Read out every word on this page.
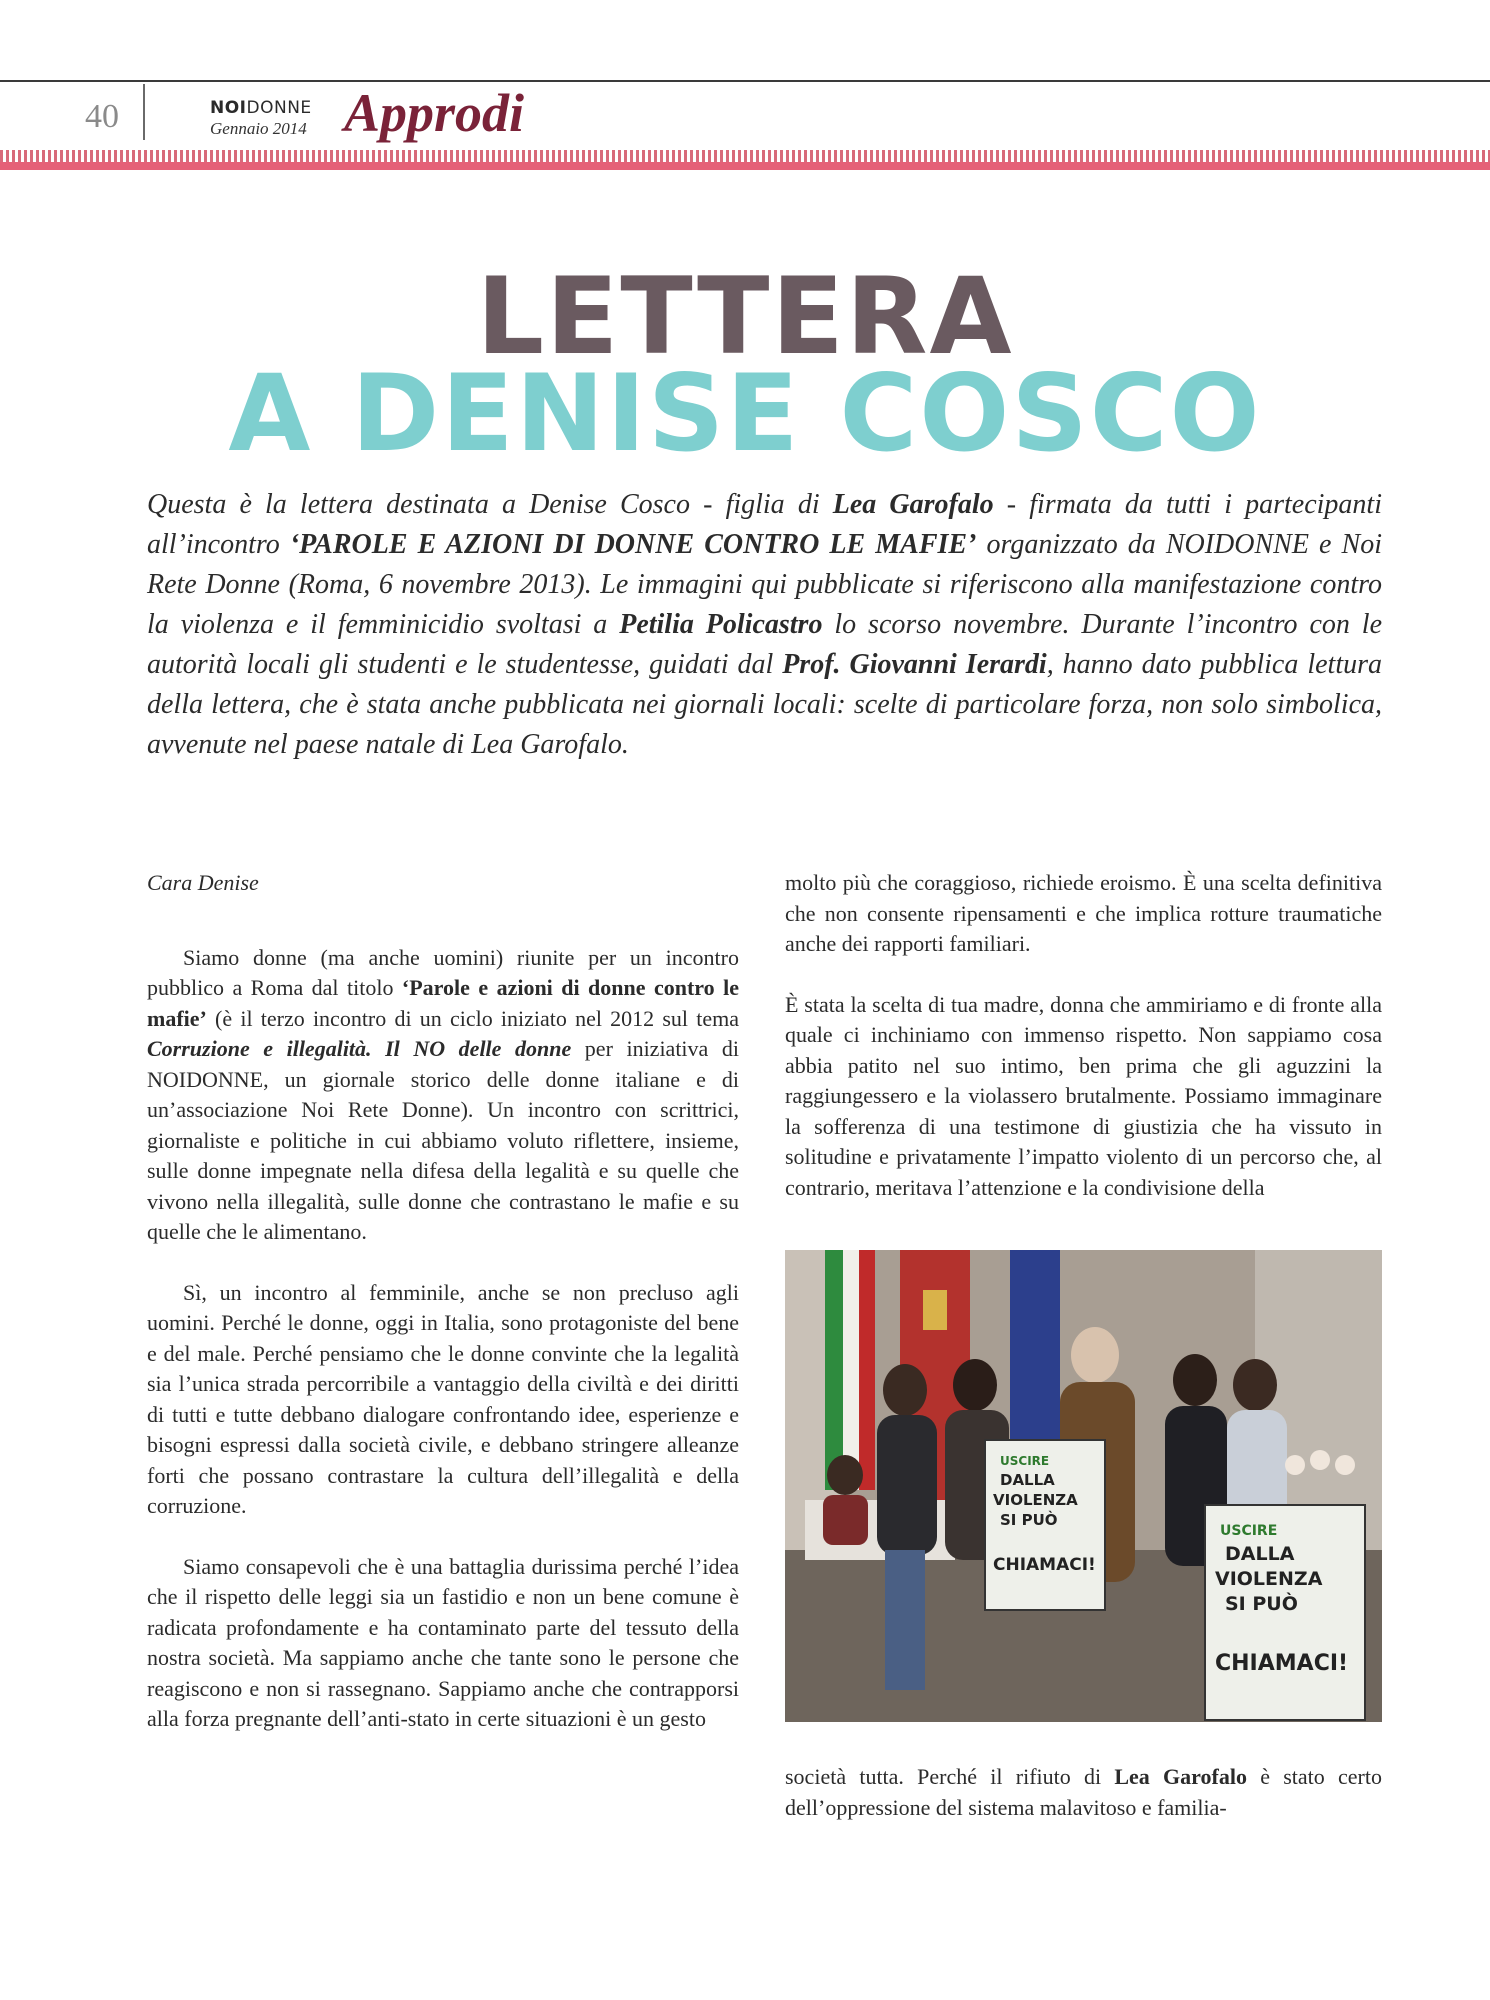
40	NOIDONNE
Gennaio 2014 Approdi
LETTERA
A DENISE COSCO
Questa è la lettera destinata a Denise Cosco - figlia di Lea Garofalo - firmata da tutti i partecipanti all’incontro ‘PAROLE E AZIONI DI DONNE CONTRO LE MAFIE’ organizzato da NOIDONNE e Noi Rete Donne (Roma, 6 novembre 2013). Le immagini qui pubblicate si riferiscono alla manifestazione contro la violenza e il femminicidio svoltasi a Petilia Policastro lo scorso novembre. Durante l’incontro con le autorità locali gli studenti e le studentesse, guidati dal Prof. Giovanni Ierardi, hanno dato pubblica lettura della lettera, che è stata anche pubblicata nei giornali locali: scelte di particolare forza, non solo simbolica, avvenute nel paese natale di Lea Garofalo.

Cara Denise

Siamo donne (ma anche uomini) riunite per un incontro pubblico a Roma dal titolo ‘Parole e azioni di donne contro le mafie’ (è il terzo incontro di un ciclo iniziato nel 2012 sul tema Corruzione e illegalità. Il NO delle donne per iniziativa di NOIDONNE, un giornale storico delle donne italiane e di un’associazione Noi Rete Donne). Un incontro con scrittrici, giornaliste e politiche in cui abbiamo voluto riflettere, insieme, sulle donne impegnate nella difesa della legalità e su quelle che vivono nella illegalità, sulle donne che contrastano le mafie e su quelle che le alimentano.

Sì, un incontro al femminile, anche se non precluso agli uomini. Perché le donne, oggi in Italia, sono protagoniste del bene e del male. Perché pensiamo che le donne convinte che la legalità sia l’unica strada percorribile a vantaggio della civiltà e dei diritti di tutti e tutte debbano dialogare confrontando idee, esperienze e bisogni espressi dalla società civile, e debbano stringere alleanze forti che possano contrastare la cultura dell’illegalità e della corruzione.

Siamo consapevoli che è una battaglia durissima perché l’idea che il rispetto delle leggi sia un fastidio e non un bene comune è radicata profondamente e ha contaminato parte del tessuto della nostra società. Ma sappiamo anche che tante sono le persone che reagiscono e non si rassegnano. Sappiamo anche che contrapporsi alla forza pregnante dell’anti-stato in certe situazioni è un gesto

molto più che coraggioso, richiede eroismo. È una scelta definitiva che non consente ripensamenti e che implica rotture traumatiche anche dei rapporti familiari.

È stata la scelta di tua madre, donna che ammiriamo e di fronte alla quale ci inchiniamo con immenso rispetto. Non sappiamo cosa abbia patito nel suo intimo, ben prima che gli aguzzini la raggiungessero e la violassero brutalmente. Possiamo immaginare la sofferenza di una testimone di giustizia che ha vissuto in solitudine e privatamente l’impatto violento di un percorso che, al contrario, meritava l’attenzione e la condivisione della

USCIRE
DALLA
VIOLENZA
SI PUÒ
CHIAMACI!
USCIRE
DALLA
VIOLENZA
SI PUÒ
CHIAMACI!

società tutta. Perché il rifiuto di Lea Garofalo è stato certo dell’oppressione del sistema malavitoso e familia-
